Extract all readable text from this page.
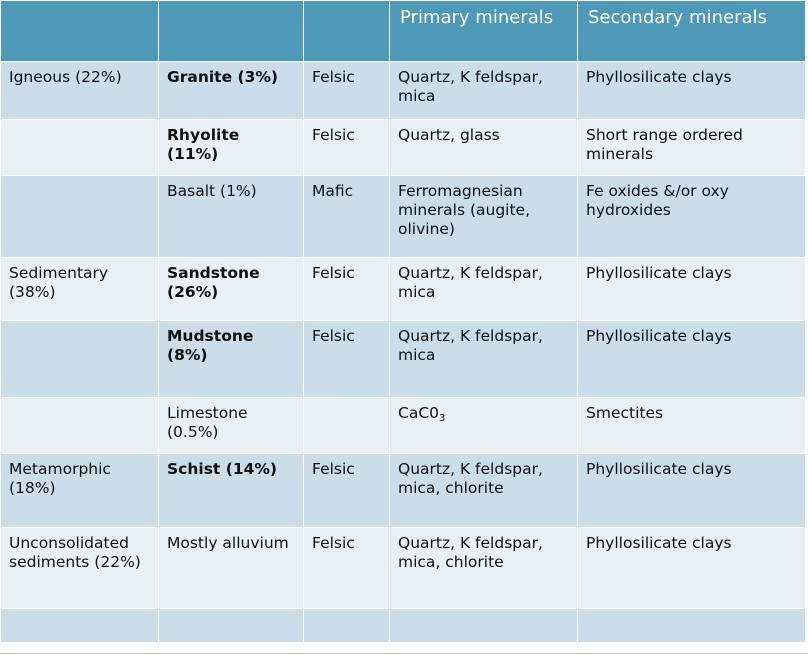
			Primary minerals	Secondary minerals
Igneous (22%)	Granite (3%)	Felsic	Quartz, K feldspar, mica	Phyllosilicate clays
	Rhyolite (11%)	Felsic	Quartz, glass	Short range ordered minerals
	Basalt (1%)	Mafic	Ferromagnesian minerals (augite, olivine)	Fe oxides &/or oxy hydroxides
Sedimentary (38%)	Sandstone (26%)	Felsic	Quartz, K feldspar, mica	Phyllosilicate clays
	Mudstone (8%)	Felsic	Quartz, K feldspar, mica	Phyllosilicate clays
	Limestone (0.5%)		$CaC0_3$	Smectites
Metamorphic (18%)	Schist (14%)	Felsic	Quartz, K feldspar, mica, chlorite	Phyllosilicate clays
Unconsolidated sediments (22%)	Mostly alluvium	Felsic	Quartz, K feldspar, mica, chlorite	Phyllosilicate clays
